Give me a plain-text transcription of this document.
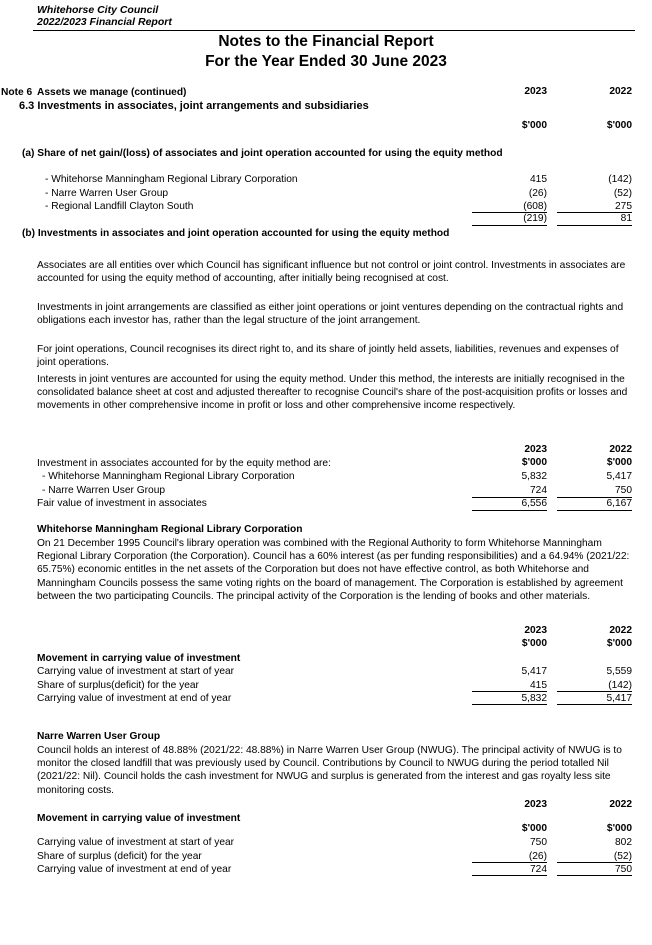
Whitehorse City Council
2022/2023 Financial Report
Notes to the Financial Report
For the Year Ended 30 June 2023
Note 6 Assets we manage (continued)
6.3 Investments in associates, joint arrangements and subsidiaries
2023	2022
$'000	$'000
(a) Share of net gain/(loss) of associates and joint operation accounted for using the equity method
- Whitehorse Manningham Regional Library Corporation	415	(142)
- Narre Warren User Group	(26)	(52)
- Regional Landfill Clayton South	(608)	275
(219)	81
(b) Investments in associates and joint operation accounted for using the equity method
Associates are all entities over which Council has significant influence but not control or joint control. Investments in associates are accounted for using the equity method of accounting, after initially being recognised at cost.
Investments in joint arrangements are classified as either joint operations or joint ventures depending on the contractual rights and obligations each investor has, rather than the legal structure of the joint arrangement.
For joint operations, Council recognises its direct right to, and its share of jointly held assets, liabilities, revenues and expenses of joint operations.
Interests in joint ventures are accounted for using the equity method. Under this method, the interests are initially recognised in the consolidated balance sheet at cost and adjusted thereafter to recognise Council's share of the post-acquisition profits or losses and movements in other comprehensive income in profit or loss and other comprehensive income respectively.
2023	2022
Investment in associates accounted for by the equity method are:	$'000	$'000
- Whitehorse Manningham Regional Library Corporation	5,832	5,417
- Narre Warren User Group	724	750
Fair value of investment in associates	6,556	6,167
Whitehorse Manningham Regional Library Corporation
On 21 December 1995 Council's library operation was combined with the Regional Authority to form Whitehorse Manningham Regional Library Corporation (the Corporation). Council has a 60% interest (as per funding responsibilities) and a 64.94% (2021/22: 65.75%) economic entitles in the net assets of the Corporation but does not have effective control, as both Whitehorse and Manningham Councils possess the same voting rights on the board of management. The Corporation is established by agreement between the two participating Councils. The principal activity of the Corporation is the lending of books and other materials.
2023	2022
$'000	$'000
Movement in carrying value of investment
Carrying value of investment at start of year	5,417	5,559
Share of surplus(deficit) for the year	415	(142)
Carrying value of investment at end of year	5,832	5,417
Narre Warren User Group
Council holds an interest of 48.88% (2021/22: 48.88%) in Narre Warren User Group (NWUG). The principal activity of NWUG is to monitor the closed landfill that was previously used by Council. Contributions by Council to NWUG during the period totalled Nil (2021/22: Nil). Council holds the cash investment for NWUG and surplus is generated from the interest and gas royalty less site monitoring costs.
2023	2022
Movement in carrying value of investment
$'000	$'000
Carrying value of investment at start of year	750	802
Share of surplus (deficit) for the year	(26)	(52)
Carrying value of investment at end of year	724	750
